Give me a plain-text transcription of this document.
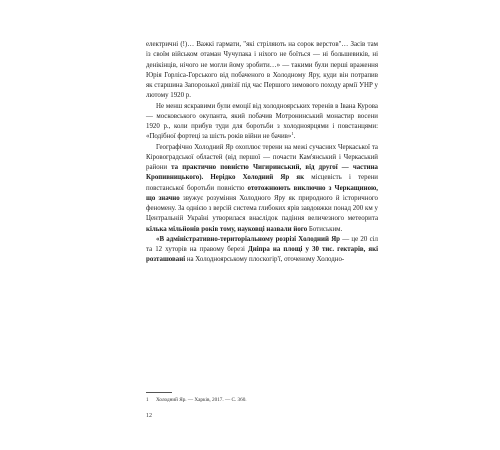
електричні (!)… Важкі гармати, "які стріляють на сорок верстов"… Засів там із своїм військом отаман Чучупака і ніхого не боїться — ні большевиків, ні денікінців, нічого не могли йому зробити…» — такими були перші враження Юрія Горліса-Горського від побаченого в Холодному Яру, куди він потрапив як старшина Запорозької дивізії під час Першого зимового походу армії УНР у лютому 1920 р.

Не менш яскравими були емоції від холодноярських теренів в Івана Курова — московського окупанта, який побачив Мотронинський монастир восени 1920 р., коли прибув туди для боротьби з холодноярцями і повстанцями: «Подібної фортеці за шість років війни не бачив»$^1$.

Географічно Холодний Яр охоплює терени на межі сучасних Черкаської та Кіровоградської областей (від першої — почасти Кам'янський і Черкаський райони та практично повністю Чигиринський, від другої — частина Кропивницького). Нерідко Холодний Яр як місцевість і терени повстанської боротьби повністю ототожнюють виключно з Черкащиною, що значно звужує розуміння Холодного Яру як природного й історичного феномену. За однією з версій система глибоких ярів завдовжки понад 200 км у Центральній Україні утворилася внаслідок падіння величезного метеорита кілька мільйонів років тому, науковці назвали його Ботиським.

«В адміністративно-територіальному розрізі Холодний Яр — це 20 сіл та 12 хуторів на правому березі Дніпра на площі у 30 тис. гектарів, які розташовані на Холодноярському плоскогір'ї, оточеному Холодно-

1 Холодний Яр. — Харків, 2017. — С. 360.
12
